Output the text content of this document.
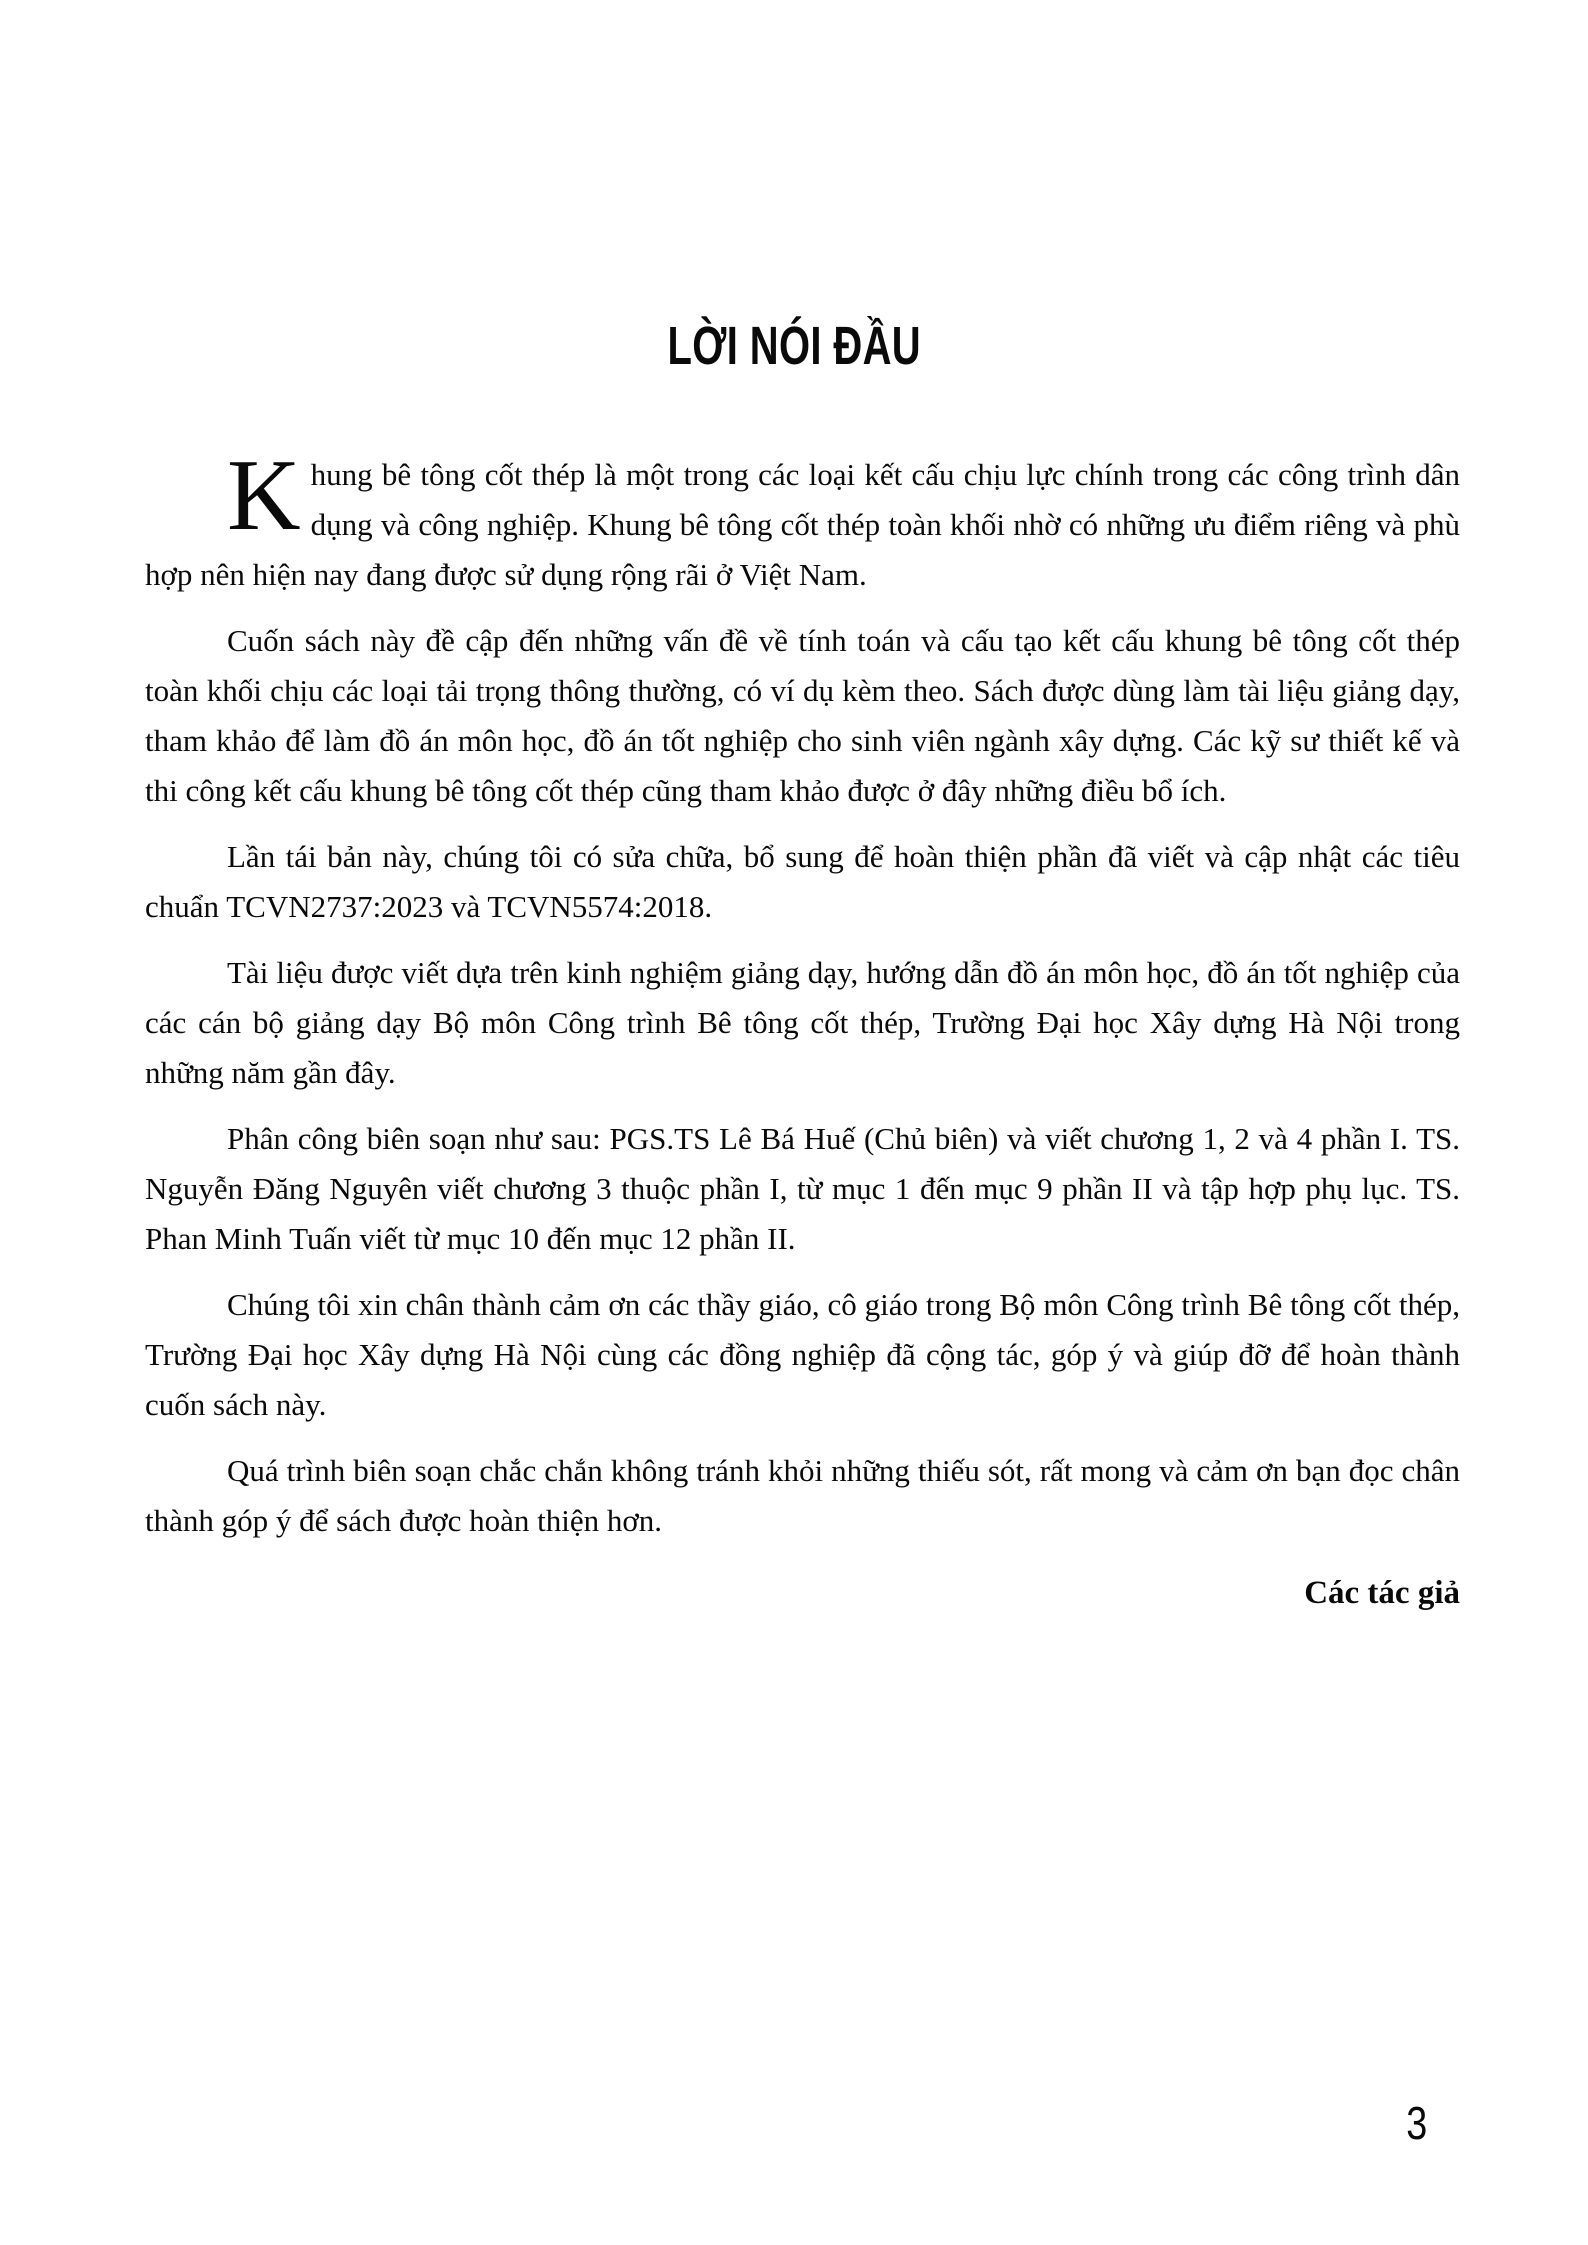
LỜI NÓI ĐẦU

Khung bê tông cốt thép là một trong các loại kết cấu chịu lực chính trong các công trình dân dụng và công nghiệp. Khung bê tông cốt thép toàn khối nhờ có những ưu điểm riêng và phù hợp nên hiện nay đang được sử dụng rộng rãi ở Việt Nam.

Cuốn sách này đề cập đến những vấn đề về tính toán và cấu tạo kết cấu khung bê tông cốt thép toàn khối chịu các loại tải trọng thông thường, có ví dụ kèm theo. Sách được dùng làm tài liệu giảng dạy, tham khảo để làm đồ án môn học, đồ án tốt nghiệp cho sinh viên ngành xây dựng. Các kỹ sư thiết kế và thi công kết cấu khung bê tông cốt thép cũng tham khảo được ở đây những điều bổ ích.

Lần tái bản này, chúng tôi có sửa chữa, bổ sung để hoàn thiện phần đã viết và cập nhật các tiêu chuẩn TCVN2737:2023 và TCVN5574:2018.

Tài liệu được viết dựa trên kinh nghiệm giảng dạy, hướng dẫn đồ án môn học, đồ án tốt nghiệp của các cán bộ giảng dạy Bộ môn Công trình Bê tông cốt thép, Trường Đại học Xây dựng Hà Nội trong những năm gần đây.

Phân công biên soạn như sau: PGS.TS Lê Bá Huế (Chủ biên) và viết chương 1, 2 và 4 phần I. TS. Nguyễn Đăng Nguyên viết chương 3 thuộc phần I, từ mục 1 đến mục 9 phần II và tập hợp phụ lục. TS. Phan Minh Tuấn viết từ mục 10 đến mục 12 phần II.

Chúng tôi xin chân thành cảm ơn các thầy giáo, cô giáo trong Bộ môn Công trình Bê tông cốt thép, Trường Đại học Xây dựng Hà Nội cùng các đồng nghiệp đã cộng tác, góp ý và giúp đỡ để hoàn thành cuốn sách này.

Quá trình biên soạn chắc chắn không tránh khỏi những thiếu sót, rất mong và cảm ơn bạn đọc chân thành góp ý để sách được hoàn thiện hơn.

Các tác giả
3
